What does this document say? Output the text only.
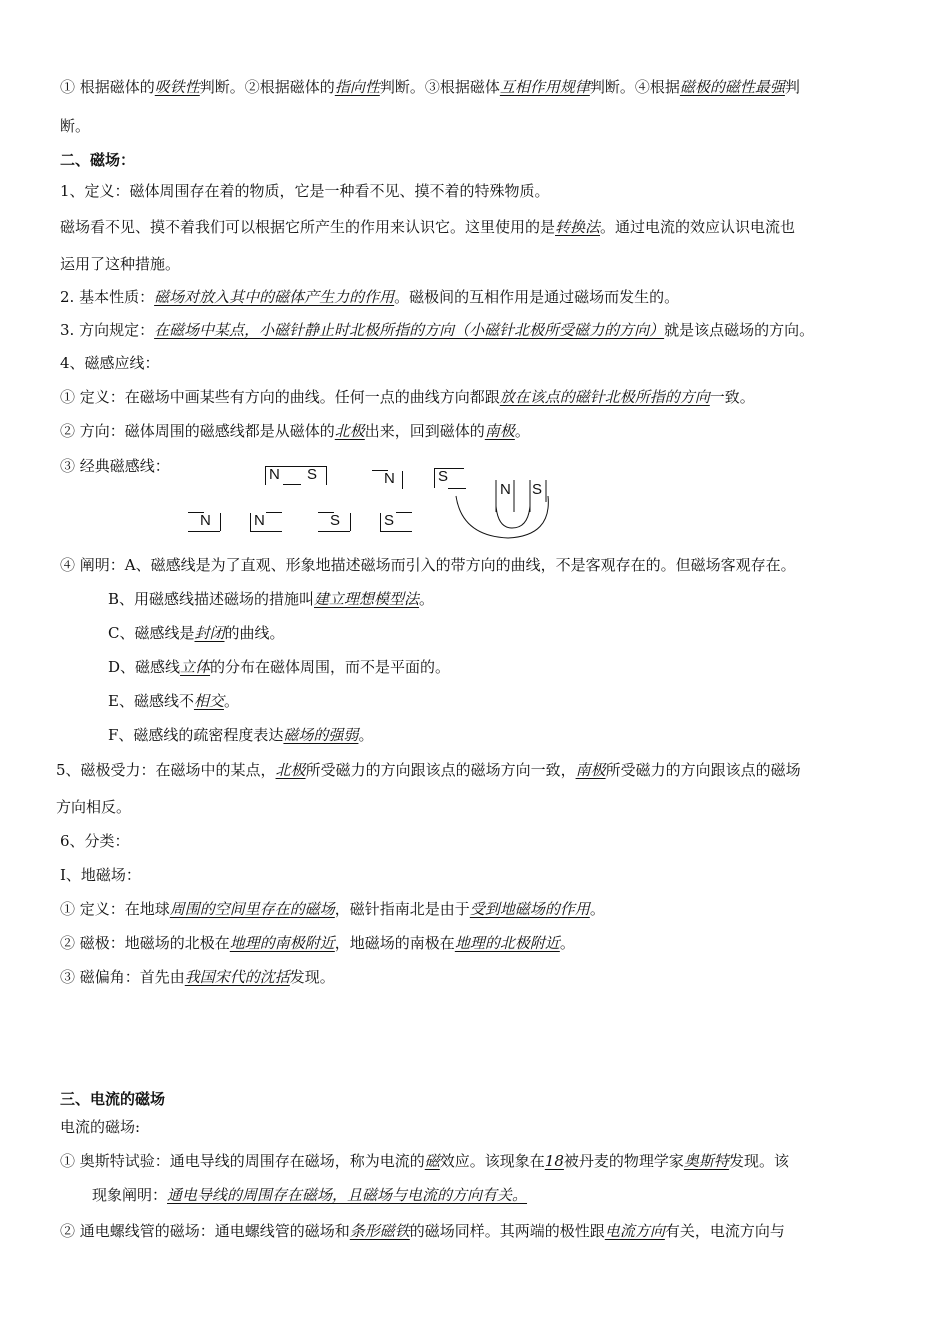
① 根据磁体的吸铁性判断。②根据磁体的指向性判断。③根据磁体互相作用规律判断。④根据磁极的磁性最强判
断。
二、磁场：
1、定义：磁体周围存在着的物质，它是一种看不见、摸不着的特殊物质。
磁场看不见、摸不着我们可以根据它所产生的作用来认识它。这里使用的是转换法。通过电流的效应认识电流也
运用了这种措施。
2. 基本性质：磁场对放入其中的磁体产生力的作用。磁极间的互相作用是通过磁场而发生的。
3. 方向规定：在磁场中某点，小磁针静止时北极所指的方向（小磁针北极所受磁力的方向）就是该点磁场的方向。
4、磁感应线：
① 定义：在磁场中画某些有方向的曲线。任何一点的曲线方向都跟放在该点的磁针北极所指的方向一致。
② 方向：磁体周围的磁感线都是从磁体的北极出来，回到磁体的南极。
③ 经典磁感线：	N S	N	S
N S
N	N	S	S
④ 阐明：A、磁感线是为了直观、形象地描述磁场而引入的带方向的曲线，不是客观存在的。但磁场客观存在。
B、用磁感线描述磁场的措施叫建立理想模型法。
C、磁感线是封闭的曲线。
D、磁感线立体的分布在磁体周围，而不是平面的。
E、磁感线不相交。
F、磁感线的疏密程度表达磁场的强弱。
5、磁极受力：在磁场中的某点，北极所受磁力的方向跟该点的磁场方向一致，南极所受磁力的方向跟该点的磁场
方向相反。
6、分类：
I、地磁场：
① 定义：在地球周围的空间里存在的磁场，磁针指南北是由于受到地磁场的作用。
② 磁极：地磁场的北极在地理的南极附近，地磁场的南极在地理的北极附近。
③ 磁偏角：首先由我国宋代的沈括发现。
三、电流的磁场
电流的磁场:
① 奥斯特试验：通电导线的周围存在磁场，称为电流的磁效应。该现象在18被丹麦的物理学家奥斯特发现。该
现象阐明：通电导线的周围存在磁场，且磁场与电流的方向有关。
② 通电螺线管的磁场：通电螺线管的磁场和条形磁铁的磁场同样。其两端的极性跟电流方向有关，电流方向与
